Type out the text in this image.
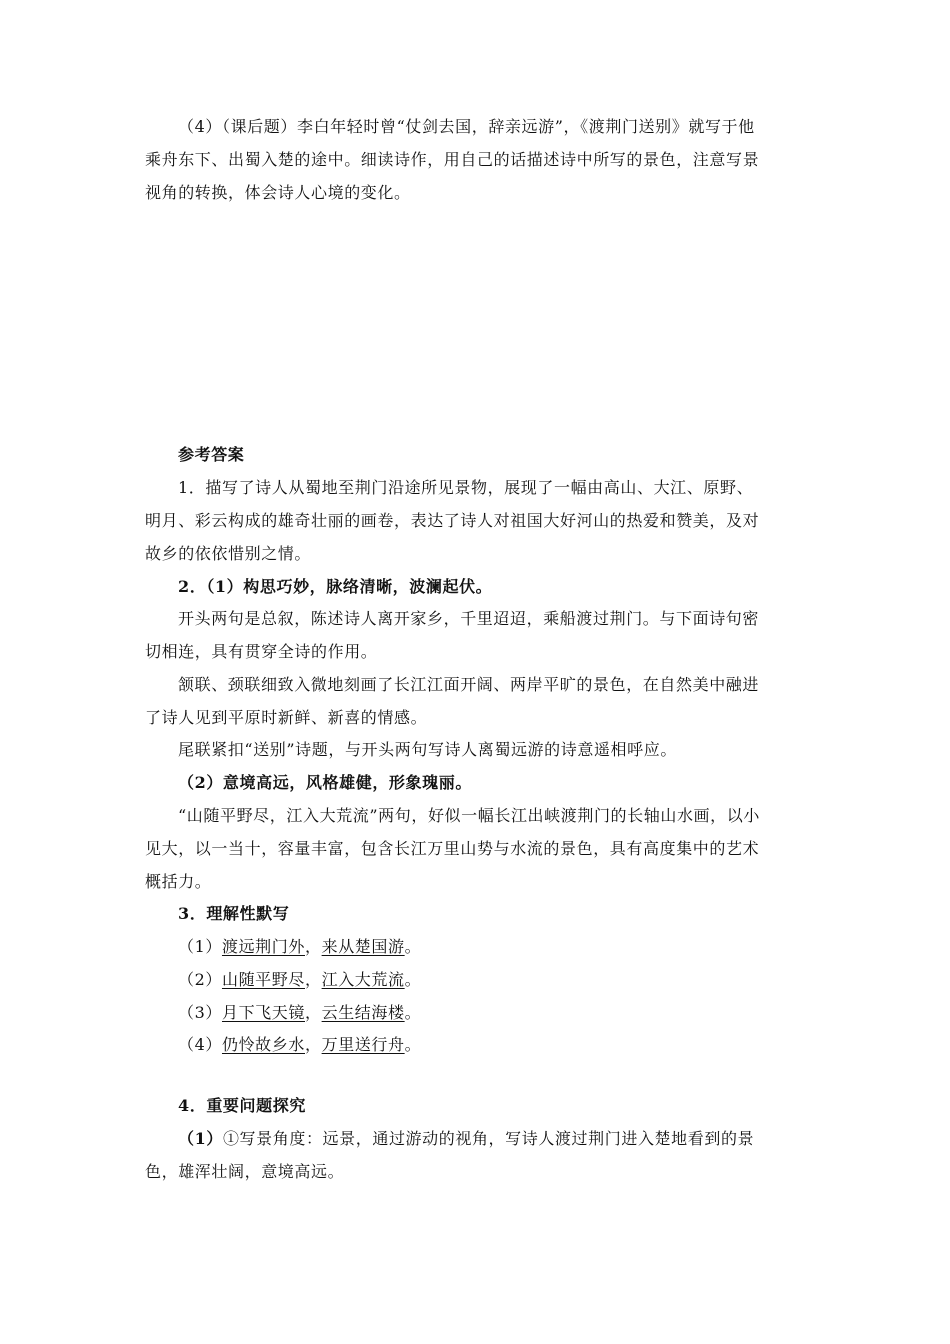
（4）（课后题）李白年轻时曾“仗剑去国，辞亲远游”，《渡荆门送别》就写于他
乘舟东下、出蜀入楚的途中。细读诗作，用自己的话描述诗中所写的景色，注意写景
视角的转换，体会诗人心境的变化。
参考答案
1．描写了诗人从蜀地至荆门沿途所见景物，展现了一幅由高山、大江、原野、
明月、彩云构成的雄奇壮丽的画卷，表达了诗人对祖国大好河山的热爱和赞美，及对
故乡的依依惜别之情。
2．（1）构思巧妙，脉络清晰，波澜起伏。
开头两句是总叙，陈述诗人离开家乡，千里迢迢，乘船渡过荆门。与下面诗句密
切相连，具有贯穿全诗的作用。
颔联、颈联细致入微地刻画了长江江面开阔、两岸平旷的景色，在自然美中融进
了诗人见到平原时新鲜、新喜的情感。
尾联紧扣“送别”诗题，与开头两句写诗人离蜀远游的诗意遥相呼应。
（2）意境高远，风格雄健，形象瑰丽。
“山随平野尽，江入大荒流”两句，好似一幅长江出峡渡荆门的长轴山水画，以小
见大，以一当十，容量丰富，包含长江万里山势与水流的景色，具有高度集中的艺术
概括力。
3．理解性默写
（1）渡远荆门外，来从楚国游。
（2）山随平野尽，江入大荒流。
（3）月下飞天镜，云生结海楼。
（4）仍怜故乡水，万里送行舟。
4．重要问题探究
（1）①写景角度：远景，通过游动的视角，写诗人渡过荆门进入楚地看到的景
色，雄浑壮阔，意境高远。
